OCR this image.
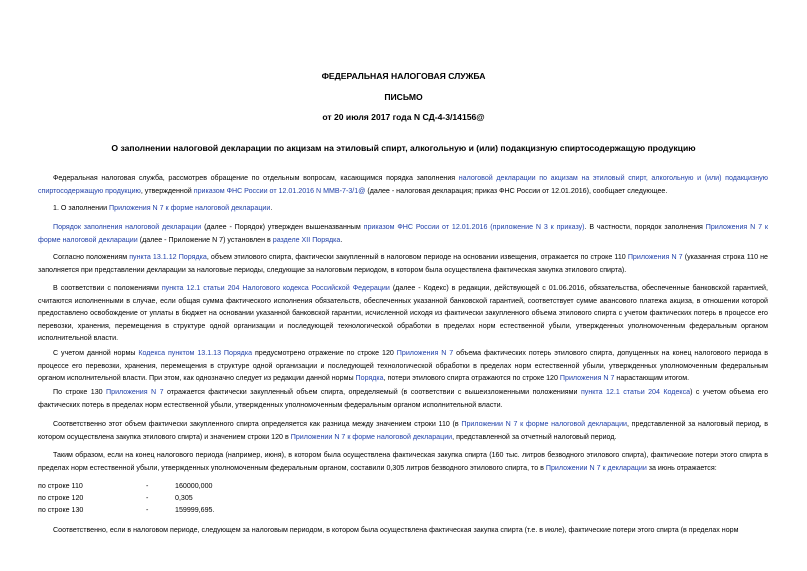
ФЕДЕРАЛЬНАЯ НАЛОГОВАЯ СЛУЖБА
ПИСЬМО
от 20 июля 2017 года N СД-4-3/14156@
О заполнении налоговой декларации по акцизам на этиловый спирт, алкогольную и (или) подакцизную спиртосодержащую продукцию
Федеральная налоговая служба, рассмотрев обращение по отдельным вопросам, касающимся порядка заполнения налоговой декларации по акцизам на этиловый спирт, алкогольную и (или) подакцизную спиртосодержащую продукцию, утвержденной приказом ФНС России от 12.01.2016 N ММВ-7-3/1@ (далее - налоговая декларация; приказ ФНС России от 12.01.2016), сообщает следующее.
1. О заполнении Приложения N 7 к форме налоговой декларации.
Порядок заполнения налоговой декларации (далее - Порядок) утвержден вышеназванным приказом ФНС России от 12.01.2016 (приложение N 3 к приказу). В частности, порядок заполнения Приложения N 7 к форме налоговой декларации (далее - Приложение N 7) установлен в разделе XII Порядка.
Согласно положениям пункта 13.1.12 Порядка, объем этилового спирта, фактически закупленный в налоговом периоде на основании извещения, отражается по строке 110 Приложения N 7 (указанная строка 110 не заполняется при представлении декларации за налоговые периоды, следующие за налоговым периодом, в котором была осуществлена фактическая закупка этилового спирта).
В соответствии с положениями пункта 12.1 статьи 204 Налогового кодекса Российской Федерации (далее - Кодекс) в редакции, действующей с 01.06.2016, обязательства, обеспеченные банковской гарантией, считаются исполненными в случае, если общая сумма фактического исполнения обязательств, обеспеченных указанной банковской гарантией, соответствует сумме авансового платежа акциза, в отношении которой предоставлено освобождение от уплаты в бюджет на основании указанной банковской гарантии, исчисленной исходя из фактически закупленного объема этилового спирта с учетом фактических потерь в процессе его перевозки, хранения, перемещения в структуре одной организации и последующей технологической обработки в пределах норм естественной убыли, утвержденных уполномоченным федеральным органом исполнительной власти.
С учетом данной нормы Кодекса пунктом 13.1.13 Порядка предусмотрено отражение по строке 120 Приложения N 7 объема фактических потерь этилового спирта, допущенных на конец налогового периода в процессе его перевозки, хранения, перемещения в структуре одной организации и последующей технологической обработки в пределах норм естественной убыли, утвержденных уполномоченным федеральным органом исполнительной власти. При этом, как однозначно следует из редакции данной нормы Порядка, потери этилового спирта отражаются по строке 120 Приложения N 7 нарастающим итогом.
По строке 130 Приложения N 7 отражается фактически закупленный объем спирта, определяемый (в соответствии с вышеизложенными положениями пункта 12.1 статьи 204 Кодекса) с учетом объема его фактических потерь в пределах норм естественной убыли, утвержденных уполномоченным федеральным органом исполнительной власти.
Соответственно этот объем фактически закупленного спирта определяется как разница между значением строки 110 (в Приложении N 7 к форме налоговой декларации, представленной за налоговый период, в котором осуществлена закупка этилового спирта) и значением строки 120 в Приложении N 7 к форме налоговой декларации, представленной за отчетный налоговый период.
Таким образом, если на конец налогового периода (например, июня), в котором была осуществлена фактическая закупка спирта (160 тыс. литров безводного этилового спирта), фактические потери этого спирта в пределах норм естественной убыли, утвержденных уполномоченным федеральным органом, составили 0,305 литров безводного этилового спирта, то в Приложении N 7 к декларации за июнь отражается:
по строке 110	-	160000,000
по строке 120	-	0,305
по строке 130	-	159999,695.
Соответственно, если в налоговом периоде, следующем за налоговым периодом, в котором была осуществлена фактическая закупка спирта (т.е. в июле), фактические потери этого спирта (в пределах норм
